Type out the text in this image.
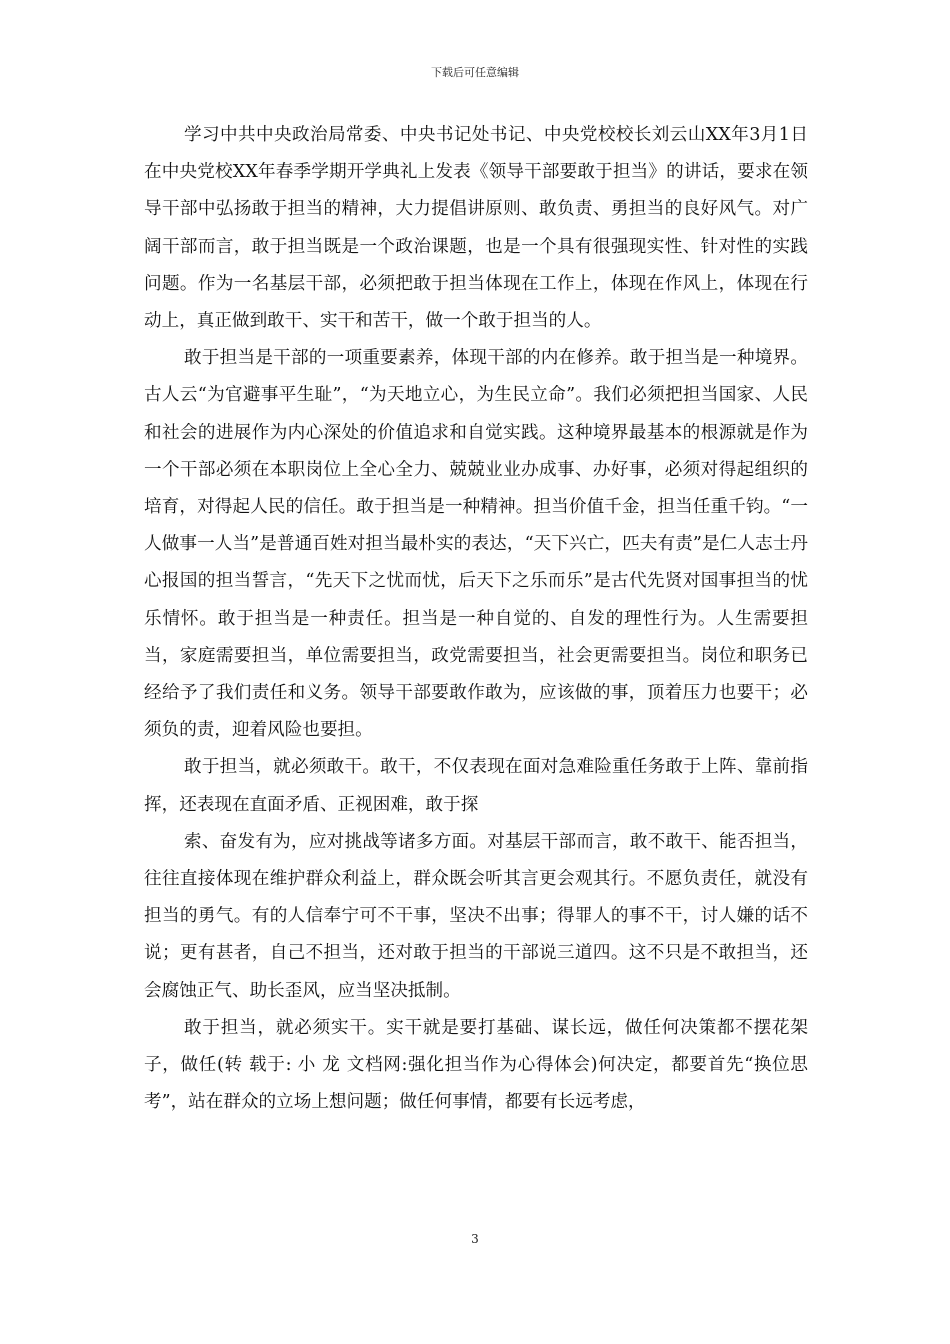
下载后可任意编辑

学习中共中央政治局常委、中央书记处书记、中央党校校长刘云山XX年3月1日在中央党校XX年春季学期开学典礼上发表《领导干部要敢于担当》的讲话，要求在领导干部中弘扬敢于担当的精神，大力提倡讲原则、敢负责、勇担当的良好风气。对广阔干部而言，敢于担当既是一个政治课题，也是一个具有很强现实性、针对性的实践问题。作为一名基层干部，必须把敢于担当体现在工作上，体现在作风上，体现在行动上，真正做到敢干、实干和苦干，做一个敢于担当的人。

敢于担当是干部的一项重要素养，体现干部的内在修养。敢于担当是一种境界。古人云“为官避事平生耻”，“为天地立心，为生民立命”。我们必须把担当国家、人民和社会的进展作为内心深处的价值追求和自觉实践。这种境界最基本的根源就是作为一个干部必须在本职岗位上全心全力、兢兢业业办成事、办好事，必须对得起组织的培育，对得起人民的信任。敢于担当是一种精神。担当价值千金，担当任重千钧。“一人做事一人当”是普通百姓对担当最朴实的表达，“天下兴亡，匹夫有责”是仁人志士丹心报国的担当誓言，“先天下之忧而忧，后天下之乐而乐”是古代先贤对国事担当的忧乐情怀。敢于担当是一种责任。担当是一种自觉的、自发的理性行为。人生需要担当，家庭需要担当，单位需要担当，政党需要担当，社会更需要担当。岗位和职务已经给予了我们责任和义务。领导干部要敢作敢为，应该做的事，顶着压力也要干；必须负的责，迎着风险也要担。

敢于担当，就必须敢干。敢干，不仅表现在面对急难险重任务敢于上阵、靠前指挥，还表现在直面矛盾、正视困难，敢于探

索、奋发有为，应对挑战等诸多方面。对基层干部而言，敢不敢干、能否担当，往往直接体现在维护群众利益上，群众既会听其言更会观其行。不愿负责任，就没有担当的勇气。有的人信奉宁可不干事，坚决不出事；得罪人的事不干，讨人嫌的话不说；更有甚者，自己不担当，还对敢于担当的干部说三道四。这不只是不敢担当，还会腐蚀正气、助长歪风，应当坚决抵制。

敢于担当，就必须实干。实干就是要打基础、谋长远，做任何决策都不摆花架子，做任(转 载于: 小 龙 文档网:强化担当作为心得体会)何决定，都要首先“换位思考”，站在群众的立场上想问题；做任何事情，都要有长远考虑，

3
